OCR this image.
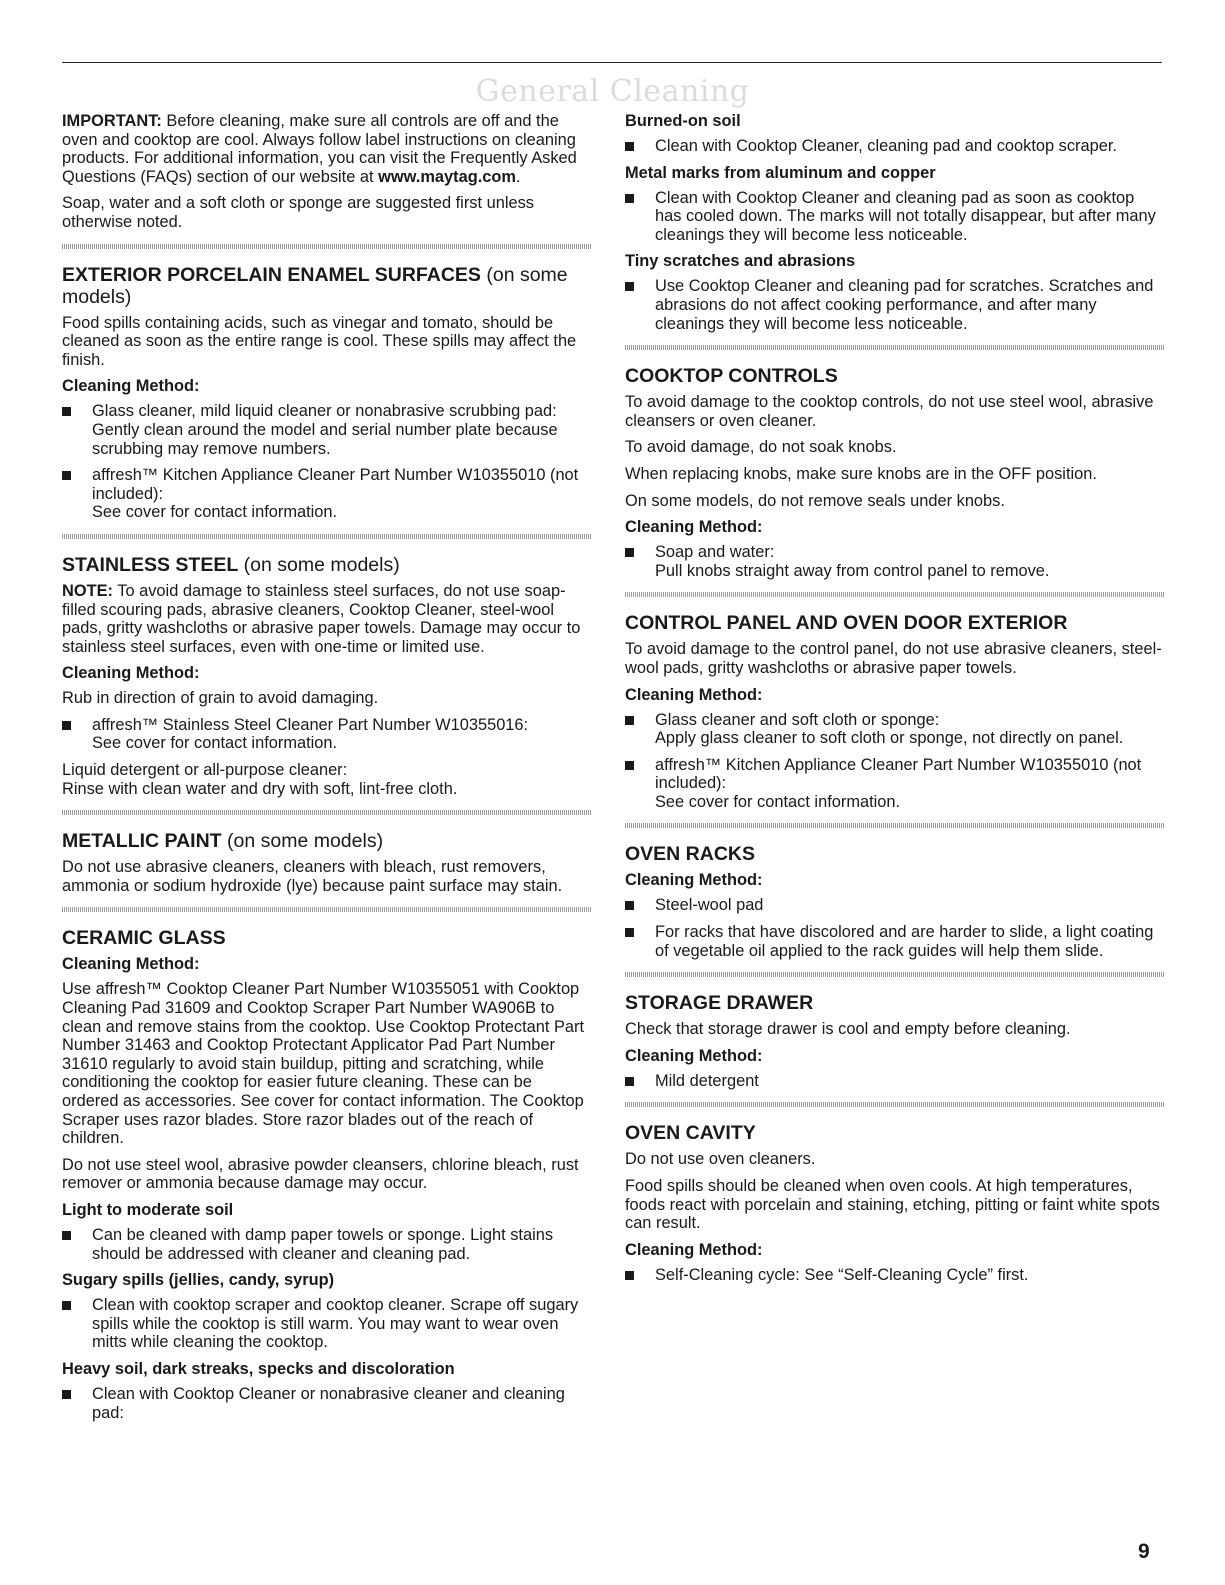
General Cleaning

IMPORTANT: Before cleaning, make sure all controls are off and the oven and cooktop are cool. Always follow label instructions on cleaning products. For additional information, you can visit the Frequently Asked Questions (FAQs) section of our website at www.maytag.com.

Soap, water and a soft cloth or sponge are suggested first unless otherwise noted.

EXTERIOR PORCELAIN ENAMEL SURFACES (on some models)

Food spills containing acids, such as vinegar and tomato, should be cleaned as soon as the entire range is cool. These spills may affect the finish.

Cleaning Method:
Glass cleaner, mild liquid cleaner or nonabrasive scrubbing pad:
Gently clean around the model and serial number plate because scrubbing may remove numbers.
affresh™ Kitchen Appliance Cleaner Part Number W10355010 (not included):
See cover for contact information.
STAINLESS STEEL (on some models)

NOTE: To avoid damage to stainless steel surfaces, do not use soap-filled scouring pads, abrasive cleaners, Cooktop Cleaner, steel-wool pads, gritty washcloths or abrasive paper towels. Damage may occur to stainless steel surfaces, even with one-time or limited use.

Cleaning Method:

Rub in direction of grain to avoid damaging.

affresh™ Stainless Steel Cleaner Part Number W10355016:
See cover for contact information.

Liquid detergent or all-purpose cleaner:
Rinse with clean water and dry with soft, lint-free cloth.

METALLIC PAINT (on some models)

Do not use abrasive cleaners, cleaners with bleach, rust removers, ammonia or sodium hydroxide (lye) because paint surface may stain.

CERAMIC GLASS
Cleaning Method:

Use affresh™ Cooktop Cleaner Part Number W10355051 with Cooktop Cleaning Pad 31609 and Cooktop Scraper Part Number WA906B to clean and remove stains from the cooktop. Use Cooktop Protectant Part Number 31463 and Cooktop Protectant Applicator Pad Part Number 31610 regularly to avoid stain buildup, pitting and scratching, while conditioning the cooktop for easier future cleaning. These can be ordered as accessories. See cover for contact information. The Cooktop Scraper uses razor blades. Store razor blades out of the reach of children.

Do not use steel wool, abrasive powder cleansers, chlorine bleach, rust remover or ammonia because damage may occur.

Light to moderate soil
Can be cleaned with damp paper towels or sponge. Light stains should be addressed with cleaner and cleaning pad.
Sugary spills (jellies, candy, syrup)
Clean with cooktop scraper and cooktop cleaner. Scrape off sugary spills while the cooktop is still warm. You may want to wear oven mitts while cleaning the cooktop.
Heavy soil, dark streaks, specks and discoloration
Clean with Cooktop Cleaner or nonabrasive cleaner and cleaning pad:
Burned-on soil
Clean with Cooktop Cleaner, cleaning pad and cooktop scraper.
Metal marks from aluminum and copper
Clean with Cooktop Cleaner and cleaning pad as soon as cooktop has cooled down. The marks will not totally disappear, but after many cleanings they will become less noticeable.
Tiny scratches and abrasions
Use Cooktop Cleaner and cleaning pad for scratches. Scratches and abrasions do not affect cooking performance, and after many cleanings they will become less noticeable.
COOKTOP CONTROLS

To avoid damage to the cooktop controls, do not use steel wool, abrasive cleansers or oven cleaner.

To avoid damage, do not soak knobs.

When replacing knobs, make sure knobs are in the OFF position.

On some models, do not remove seals under knobs.

Cleaning Method:
Soap and water:
Pull knobs straight away from control panel to remove.
CONTROL PANEL AND OVEN DOOR EXTERIOR

To avoid damage to the control panel, do not use abrasive cleaners, steel-wool pads, gritty washcloths or abrasive paper towels.

Cleaning Method:
Glass cleaner and soft cloth or sponge:
Apply glass cleaner to soft cloth or sponge, not directly on panel.
affresh™ Kitchen Appliance Cleaner Part Number W10355010 (not included):
See cover for contact information.
OVEN RACKS
Cleaning Method:
Steel-wool pad
For racks that have discolored and are harder to slide, a light coating of vegetable oil applied to the rack guides will help them slide.
STORAGE DRAWER

Check that storage drawer is cool and empty before cleaning.

Cleaning Method:
Mild detergent
OVEN CAVITY

Do not use oven cleaners.

Food spills should be cleaned when oven cools. At high temperatures, foods react with porcelain and staining, etching, pitting or faint white spots can result.

Cleaning Method:
Self-Cleaning cycle: See “Self-Cleaning Cycle” first.
9
